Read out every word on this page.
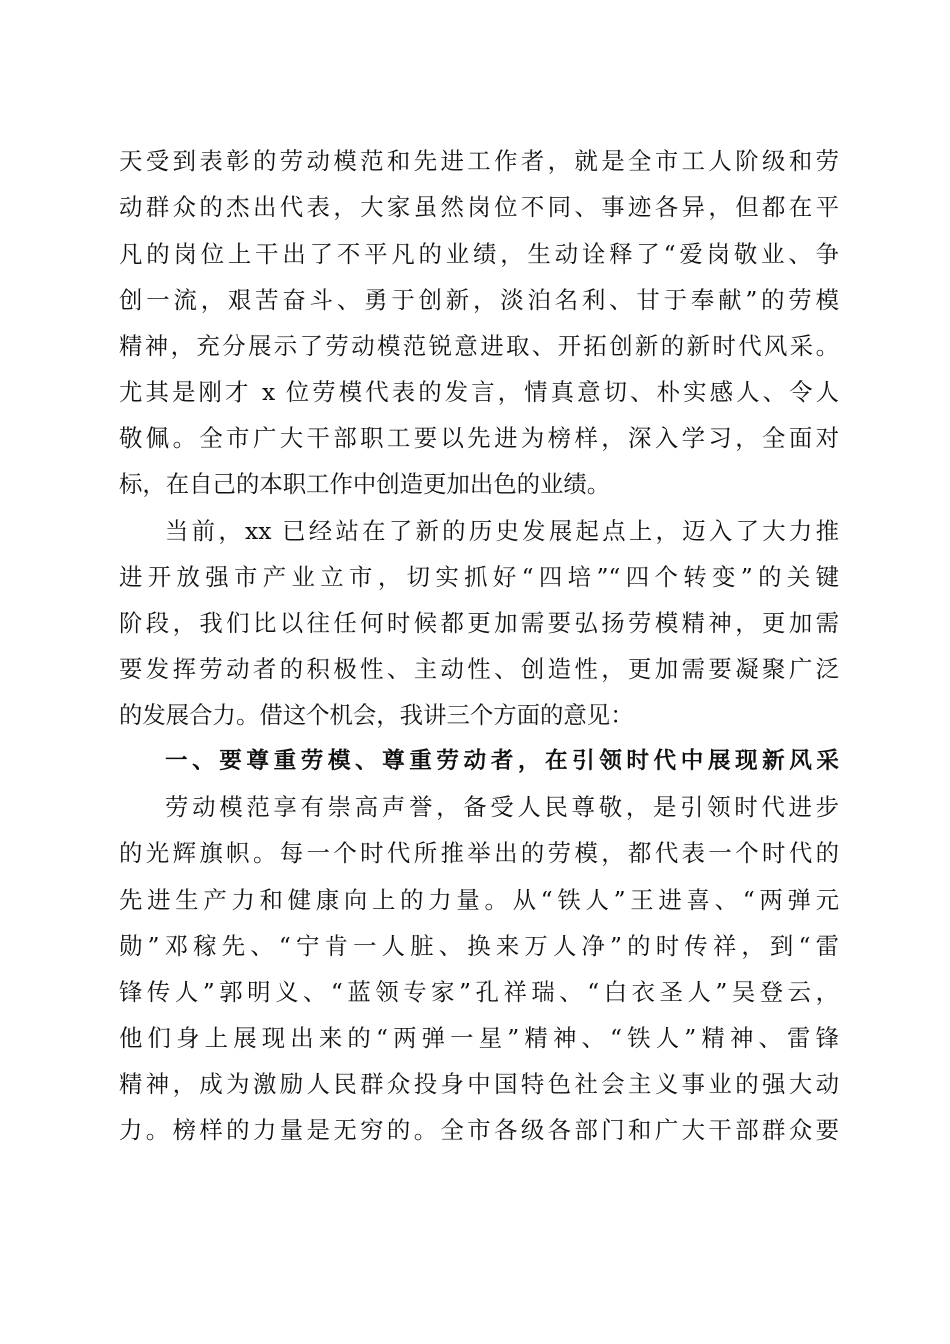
天受到表彰的劳动模范和先进工作者，就是全市工人阶级和劳
动群众的杰出代表，大家虽然岗位不同、事迹各异，但都在平
凡的岗位上干出了不平凡的业绩，生动诠释了“爱岗敬业、争
创一流，艰苦奋斗、勇于创新，淡泊名利、甘于奉献”的劳模
精神，充分展示了劳动模范锐意进取、开拓创新的新时代风采。
尤其是刚才 x 位劳模代表的发言，情真意切、朴实感人、令人
敬佩。全市广大干部职工要以先进为榜样，深入学习，全面对
标，在自己的本职工作中创造更加出色的业绩。
当前，xx 已经站在了新的历史发展起点上，迈入了大力推
进开放强市产业立市，切实抓好“四培”“四个转变”的关键
阶段，我们比以往任何时候都更加需要弘扬劳模精神，更加需
要发挥劳动者的积极性、主动性、创造性，更加需要凝聚广泛
的发展合力。借这个机会，我讲三个方面的意见：
一、要尊重劳模、尊重劳动者，在引领时代中展现新风采
劳动模范享有崇高声誉，备受人民尊敬，是引领时代进步
的光辉旗帜。每一个时代所推举出的劳模，都代表一个时代的
先进生产力和健康向上的力量。从“铁人”王进喜、“两弹元
勋”邓稼先、“宁肯一人脏、换来万人净”的时传祥，到“雷
锋传人”郭明义、“蓝领专家”孔祥瑞、“白衣圣人”吴登云，
他们身上展现出来的“两弹一星”精神、“铁人”精神、雷锋
精神，成为激励人民群众投身中国特色社会主义事业的强大动
力。榜样的力量是无穷的。全市各级各部门和广大干部群众要
